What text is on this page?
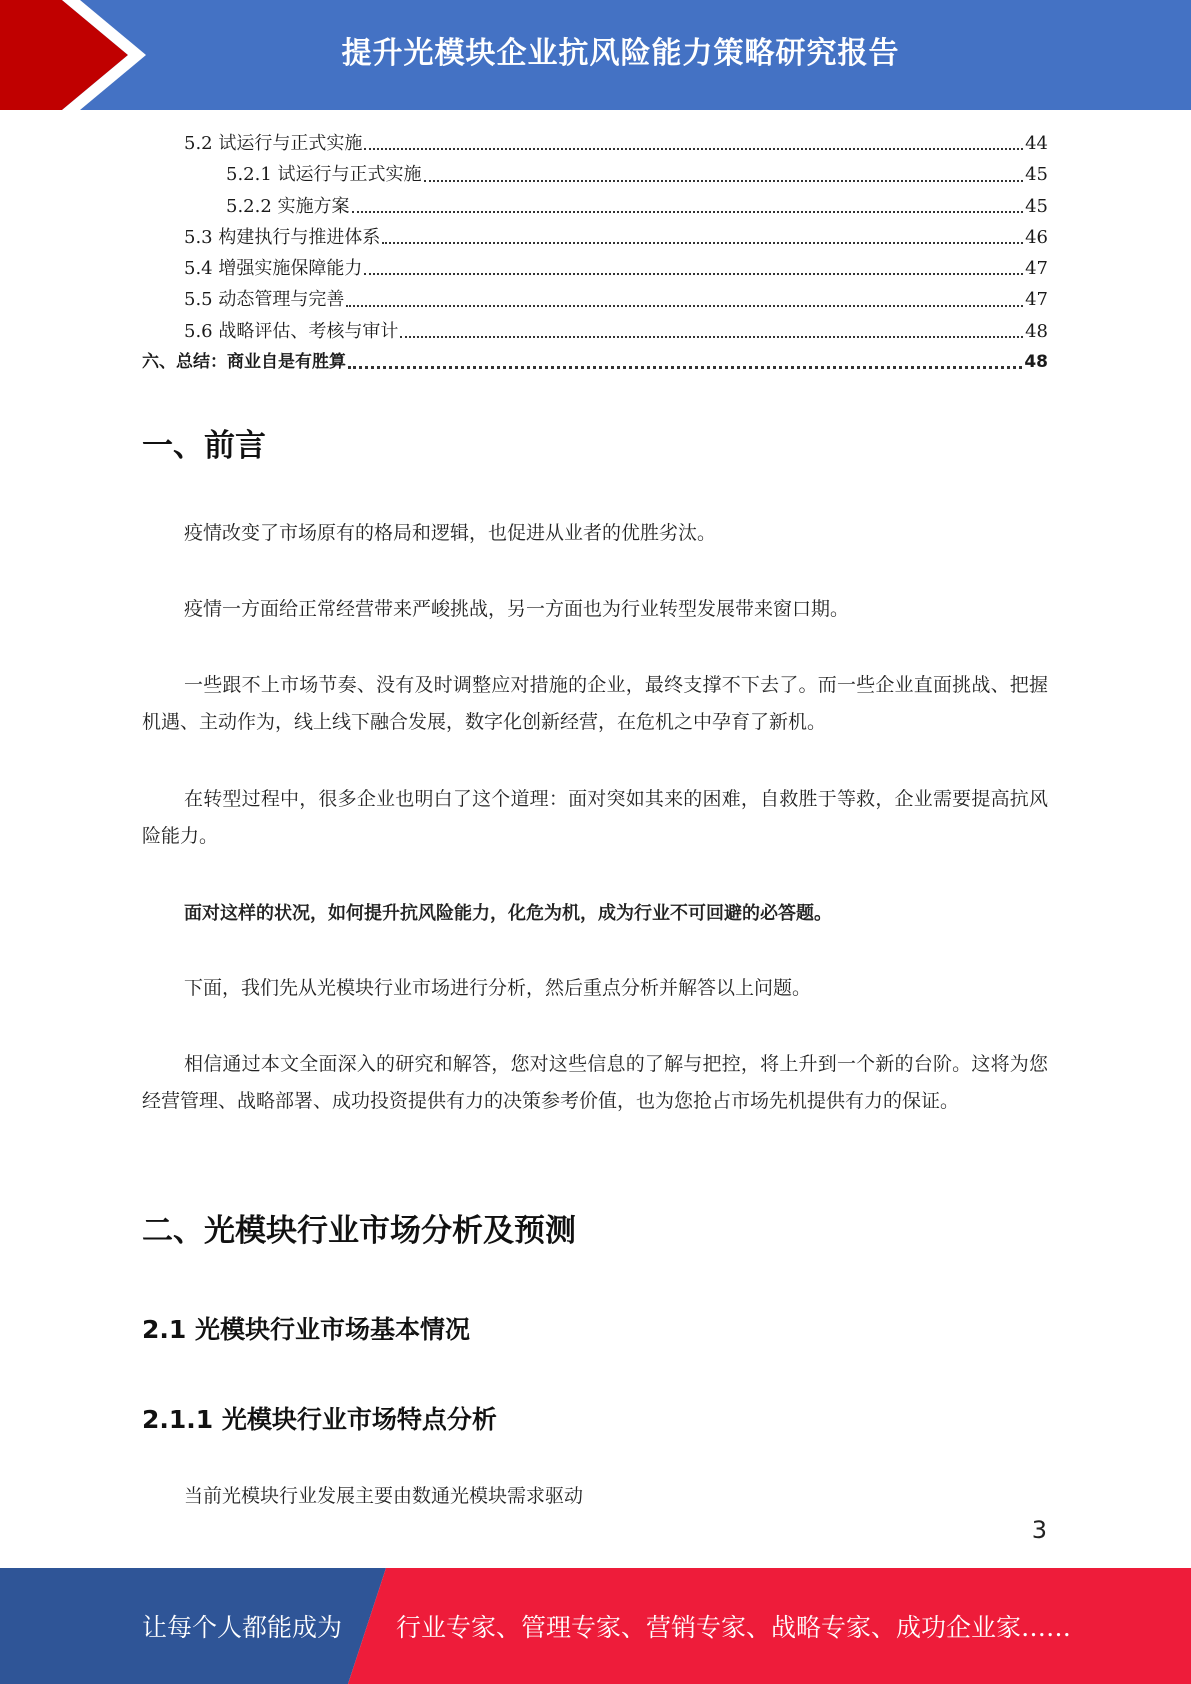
提升光模块企业抗风险能力策略研究报告
5.2 试运行与正式实施	44
5.2.1 试运行与正式实施	45
5.2.2 实施方案	45
5.3 构建执行与推进体系	46
5.4 增强实施保障能力	47
5.5 动态管理与完善	47
5.6 战略评估、考核与审计	48
六、总结：商业自是有胜算	48
一、前言
疫情改变了市场原有的格局和逻辑，也促进从业者的优胜劣汰。
疫情一方面给正常经营带来严峻挑战，另一方面也为行业转型发展带来窗口期。
一些跟不上市场节奏、没有及时调整应对措施的企业，最终支撑不下去了。而一些企业直面挑战、把握机遇、主动作为，线上线下融合发展，数字化创新经营，在危机之中孕育了新机。
在转型过程中，很多企业也明白了这个道理：面对突如其来的困难，自救胜于等救，企业需要提高抗风险能力。
面对这样的状况，如何提升抗风险能力，化危为机，成为行业不可回避的必答题。
下面，我们先从光模块行业市场进行分析，然后重点分析并解答以上问题。
相信通过本文全面深入的研究和解答，您对这些信息的了解与把控，将上升到一个新的台阶。这将为您经营管理、战略部署、成功投资提供有力的决策参考价值，也为您抢占市场先机提供有力的保证。
二、光模块行业市场分析及预测
2.1 光模块行业市场基本情况
2.1.1 光模块行业市场特点分析
当前光模块行业发展主要由数通光模块需求驱动
3
让每个人都能成为 行业专家、管理专家、营销专家、战略专家、成功企业家……
